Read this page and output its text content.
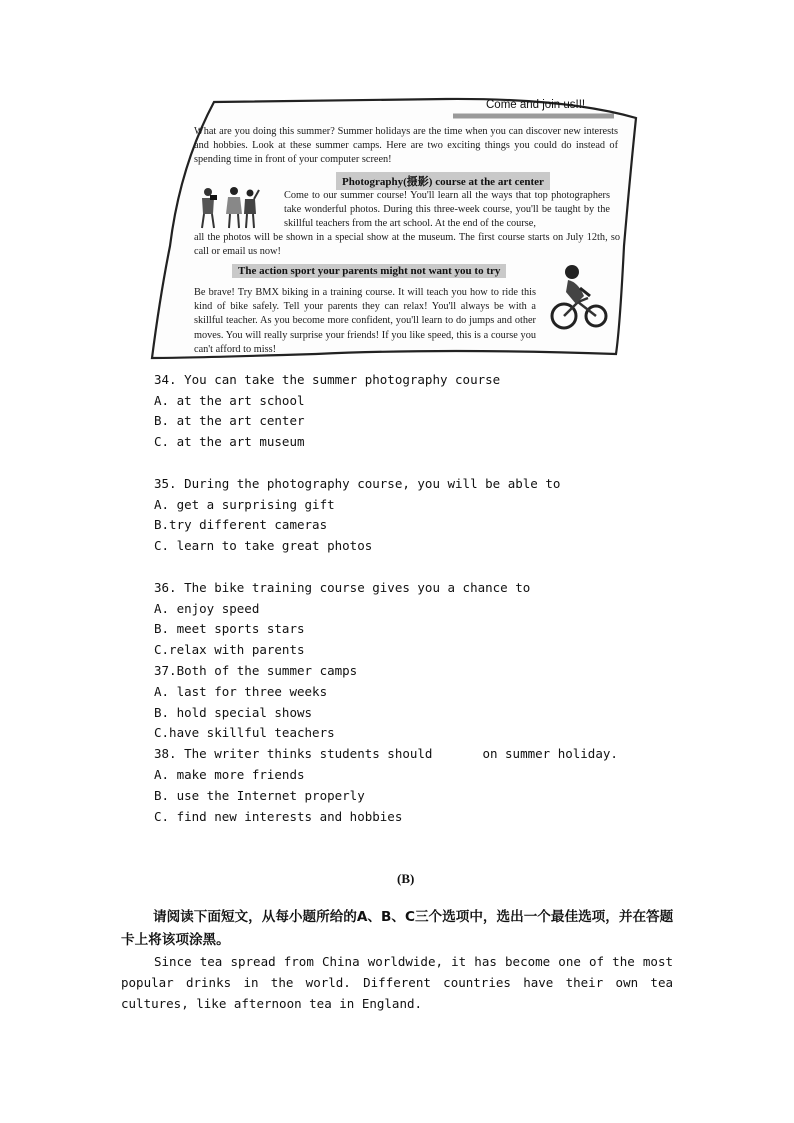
Come and join us!!!

What are you doing this summer? Summer holidays are the time when you can discover new interests and hobbies. Look at these summer camps. Here are two exciting things you could do instead of spending time in front of your computer screen!

Photography(摄影) course at the art center

Come to our summer course! You'll learn all the ways that top photographers take wonderful photos. During this three-week course, you'll be taught by the skillful teachers from the art school. At the end of the course,

all the photos will be shown in a special show at the museum. The first course starts on July 12th, so call or email us now!

The action sport your parents might not want you to try

Be brave! Try BMX biking in a training course. It will teach you how to ride this kind of bike safely. Tell your parents they can relax! You'll always be with a skillful teacher. As you become more confident, you'll learn to do jumps and other moves. You will really surprise your friends! If you like speed, this is a course you can't afford to miss!

34. You can take the summer photography course
A. at the art school
B. at the art center
C. at the art museum
35. During the photography course, you will be able to
A. get a surprising gift
B.try different cameras
C. learn to take great photos
36. The bike training course gives you a chance to
A. enjoy speed
B. meet sports stars
C.relax with parents
37.Both of the summer camps
A. last for three weeks
B. hold special shows
C.have skillful teachers
38. The writer thinks students should	on summer holiday.
A. make more friends
B. use the Internet properly
C. find new interests and hobbies
(B)

请阅读下面短文，从每小题所给的A、B、C三个选项中，选出一个最佳选项，并在答题卡上将该项涂黑。

Since tea spread from China worldwide, it has become one of the most popular drinks in the world. Different countries have their own tea cultures, like afternoon tea in England.
